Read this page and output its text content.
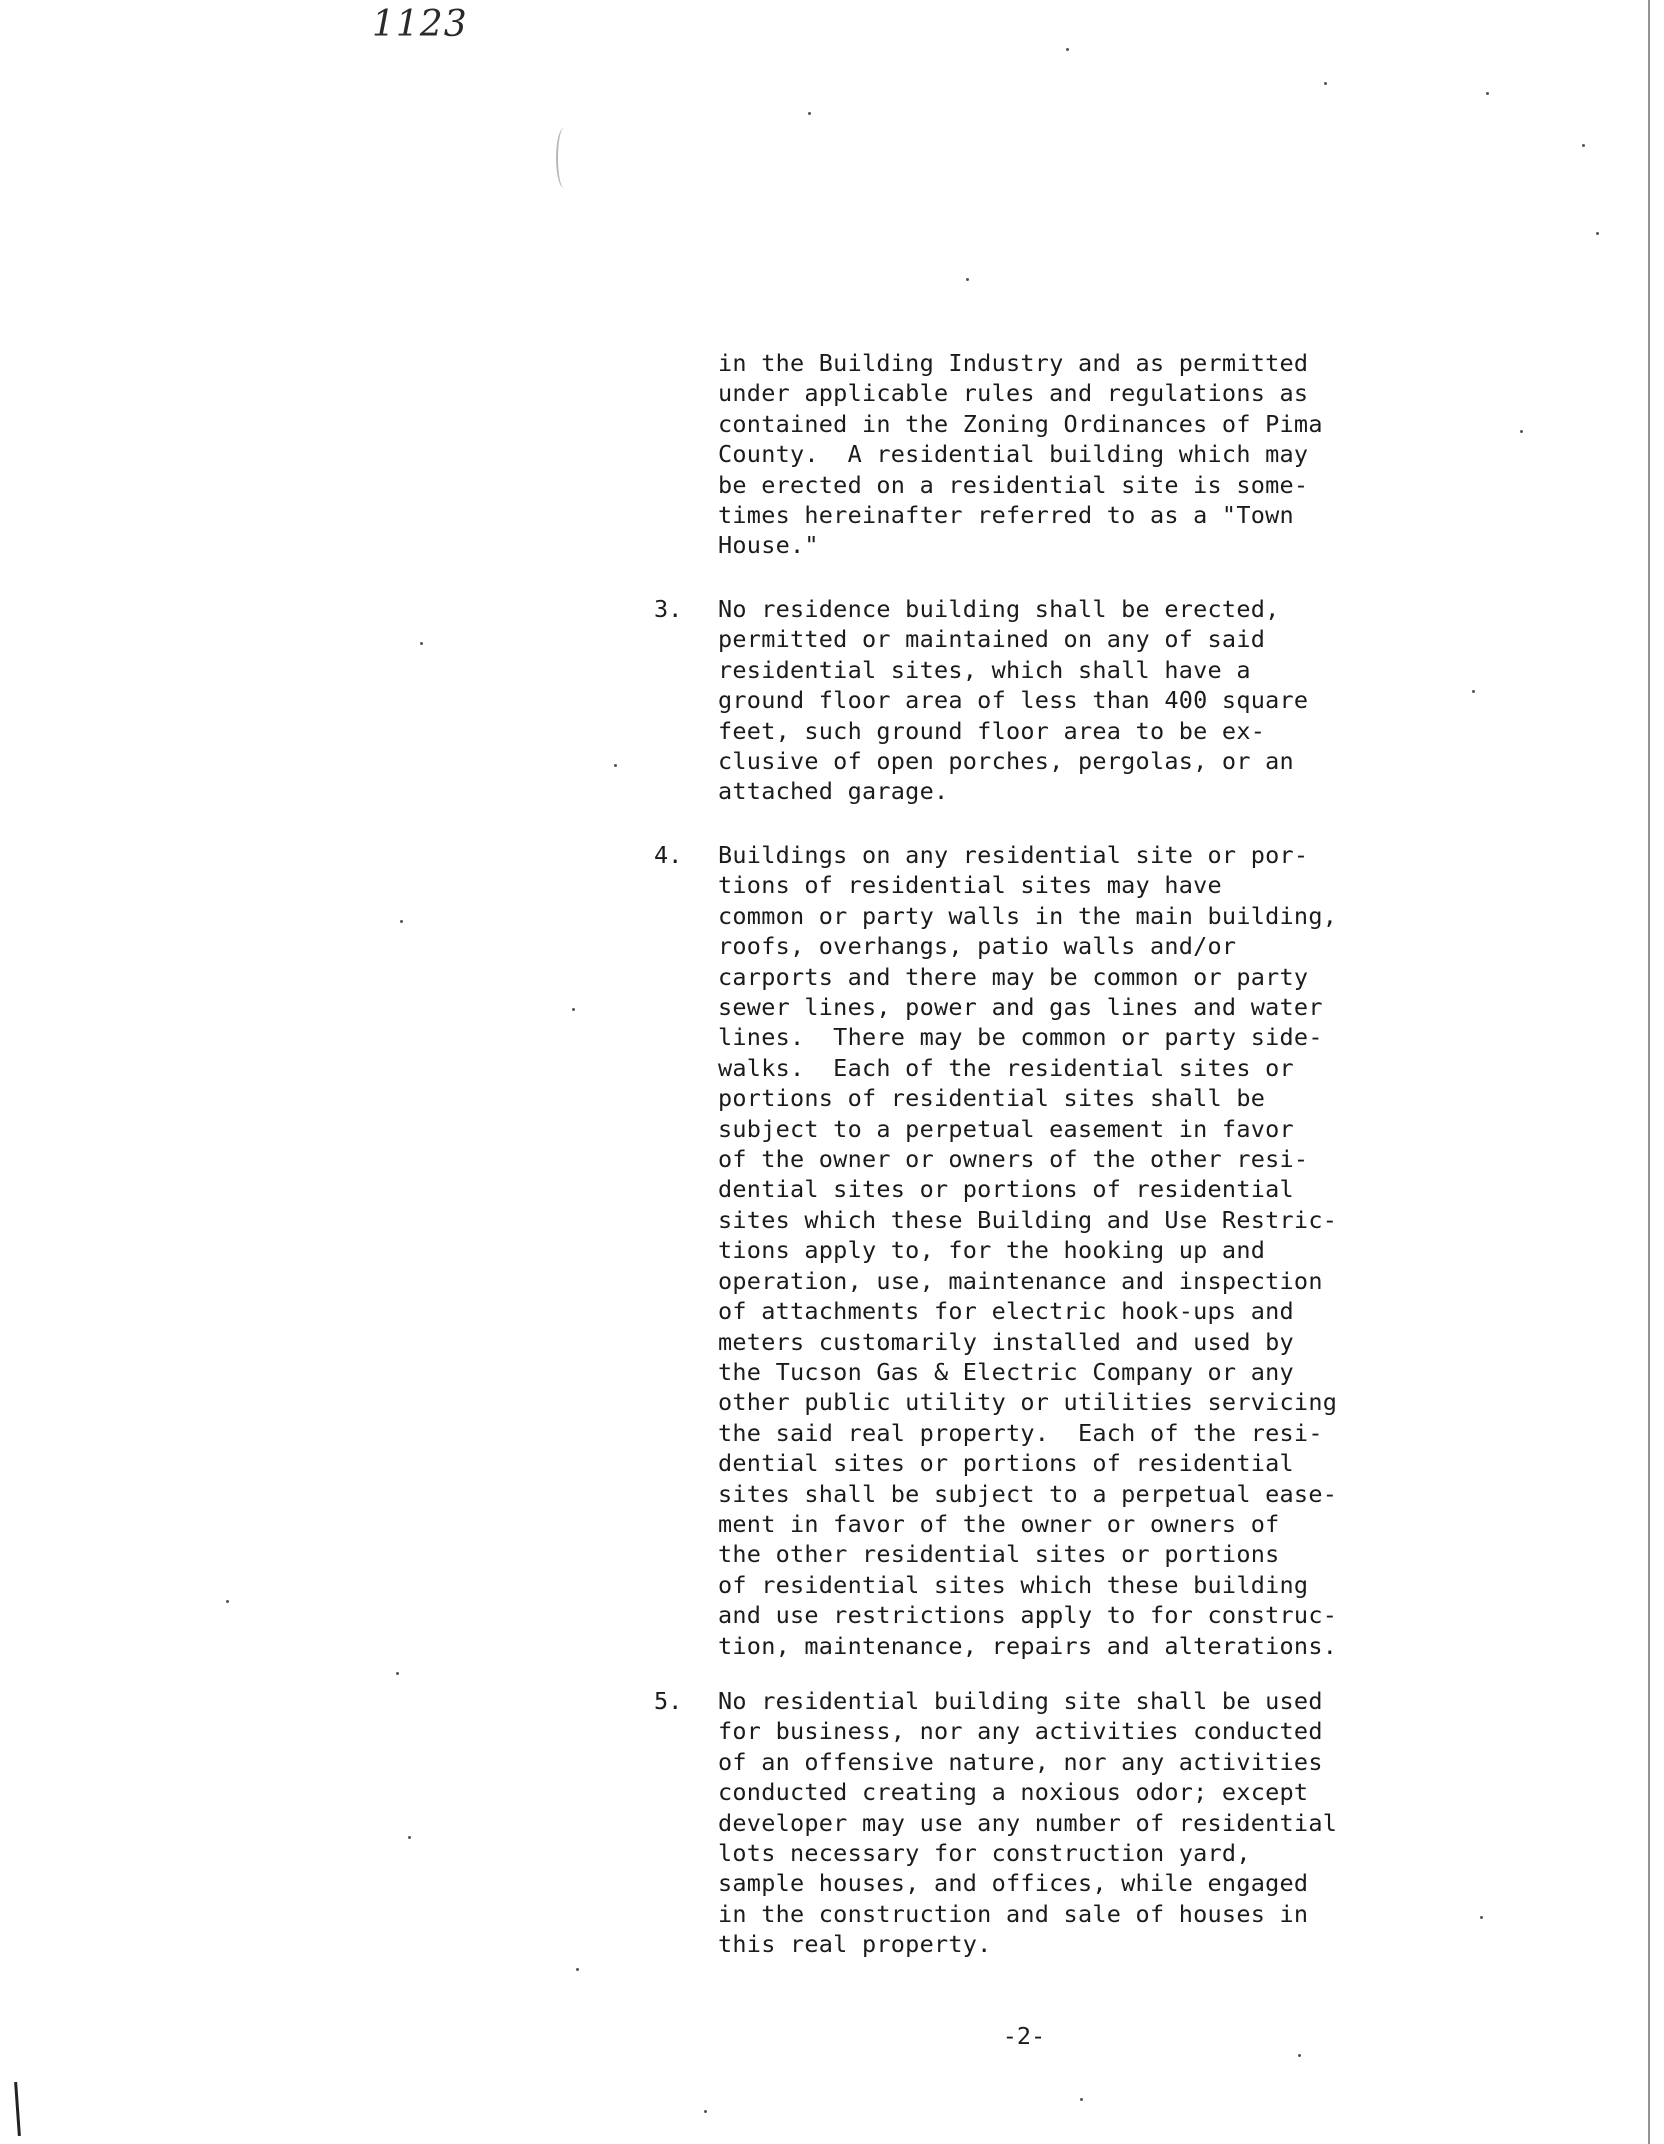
1123
in the Building Industry and as permitted
under applicable rules and regulations as
contained in the Zoning Ordinances of Pima
County.  A residential building which may
be erected on a residential site is some-
times hereinafter referred to as a "Town
House."
3. No residence building shall be erected,
permitted or maintained on any of said
residential sites, which shall have a
ground floor area of less than 400 square
feet, such ground floor area to be ex-
clusive of open porches, pergolas, or an
attached garage.
4. Buildings on any residential site or por-
tions of residential sites may have
common or party walls in the main building,
roofs, overhangs, patio walls and/or
carports and there may be common or party
sewer lines, power and gas lines and water
lines.  There may be common or party side-
walks.  Each of the residential sites or
portions of residential sites shall be
subject to a perpetual easement in favor
of the owner or owners of the other resi-
dential sites or portions of residential
sites which these Building and Use Restric-
tions apply to, for the hooking up and
operation, use, maintenance and inspection
of attachments for electric hook-ups and
meters customarily installed and used by
the Tucson Gas & Electric Company or any
other public utility or utilities servicing
the said real property.  Each of the resi-
dential sites or portions of residential
sites shall be subject to a perpetual ease-
ment in favor of the owner or owners of
the other residential sites or portions
of residential sites which these building
and use restrictions apply to for construc-
tion, maintenance, repairs and alterations.
5. No residential building site shall be used
for business, nor any activities conducted
of an offensive nature, nor any activities
conducted creating a noxious odor; except
developer may use any number of residential
lots necessary for construction yard,
sample houses, and offices, while engaged
in the construction and sale of houses in
this real property.
-2-
